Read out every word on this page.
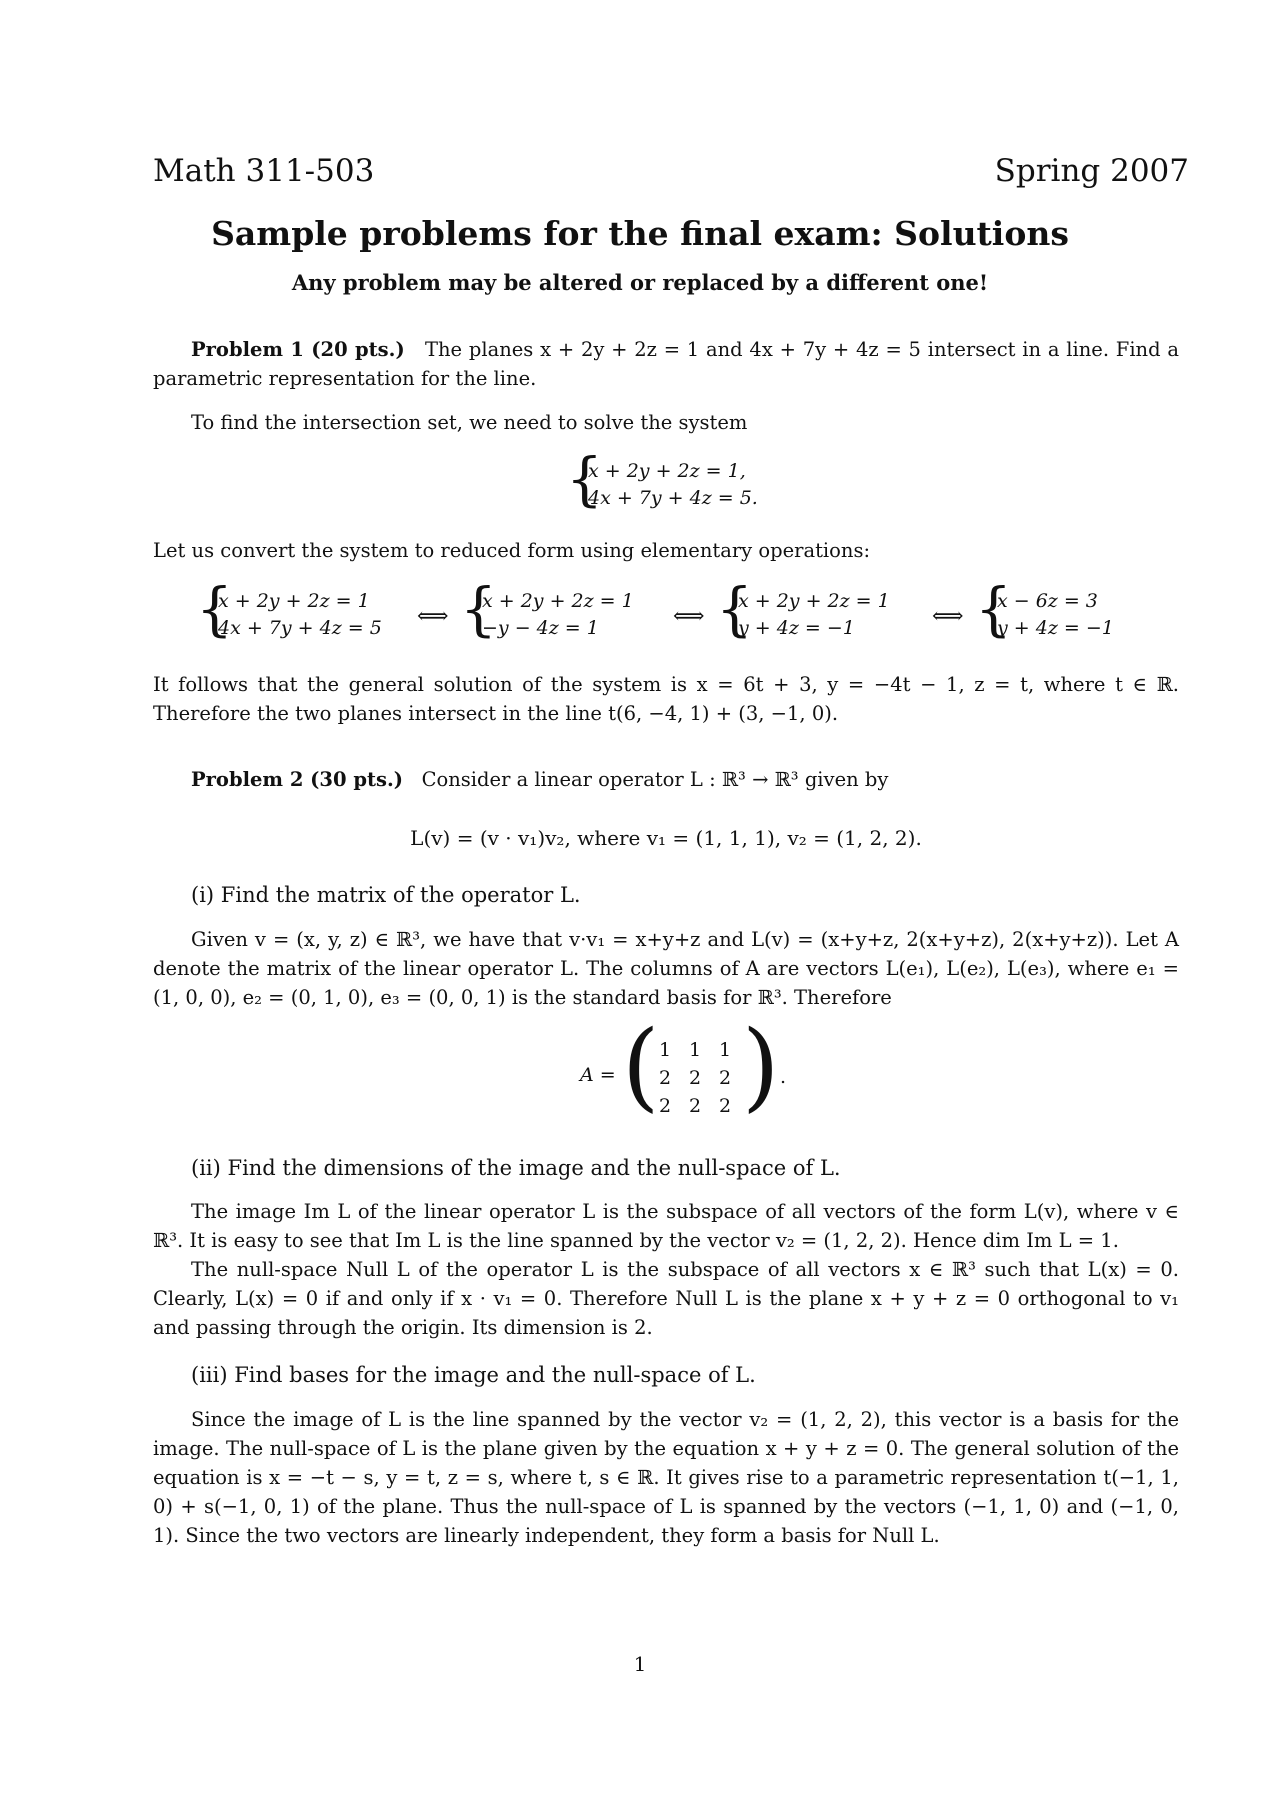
Math 311-503	Spring 2007
Sample problems for the final exam: Solutions
Any problem may be altered or replaced by a different one!
Problem 1 (20 pts.) The planes x + 2y + 2z = 1 and 4x + 7y + 4z = 5 intersect in a line. Find a parametric representation for the line.
To find the intersection set, we need to solve the system
{
x + 2y + 2z = 1,
4x + 7y + 4z = 5.
Let us convert the system to reduced form using elementary operations:
{
x + 2y + 2z = 1
4x + 7y + 4z = 5 ⟺ {
x + 2y + 2z = 1
−y − 4z = 1	⟺ {
x + 2y + 2z = 1
y + 4z = −1	⟺ {
x − 6z = 3
y + 4z = −1
It follows that the general solution of the system is x = 6t + 3, y = −4t − 1, z = t, where t ∈ ℝ. Therefore the two planes intersect in the line t(6, −4, 1) + (3, −1, 0).
Problem 2 (30 pts.) Consider a linear operator L : ℝ³ → ℝ³ given by
L(v) = (v · v₁)v₂, where v₁ = (1, 1, 1), v₂ = (1, 2, 2).
(i) Find the matrix of the operator L.
Given v = (x, y, z) ∈ ℝ³, we have that v·v₁ = x+y+z and L(v) = (x+y+z, 2(x+y+z), 2(x+y+z)). Let A denote the matrix of the linear operator L. The columns of A are vectors L(e₁), L(e₂), L(e₃), where e₁ = (1, 0, 0), e₂ = (0, 1, 0), e₃ = (0, 0, 1) is the standard basis for ℝ³. Therefore
A = ( 1 1 1
2 2 2
2 2 2 ) .
(ii) Find the dimensions of the image and the null-space of L.
The image Im L of the linear operator L is the subspace of all vectors of the form L(v), where v ∈ ℝ³. It is easy to see that Im L is the line spanned by the vector v₂ = (1, 2, 2). Hence dim Im L = 1.
The null-space Null L of the operator L is the subspace of all vectors x ∈ ℝ³ such that L(x) = 0. Clearly, L(x) = 0 if and only if x · v₁ = 0. Therefore Null L is the plane x + y + z = 0 orthogonal to v₁ and passing through the origin. Its dimension is 2.
(iii) Find bases for the image and the null-space of L.
Since the image of L is the line spanned by the vector v₂ = (1, 2, 2), this vector is a basis for the image. The null-space of L is the plane given by the equation x + y + z = 0. The general solution of the equation is x = −t − s, y = t, z = s, where t, s ∈ ℝ. It gives rise to a parametric representation t(−1, 1, 0) + s(−1, 0, 1) of the plane. Thus the null-space of L is spanned by the vectors (−1, 1, 0) and (−1, 0, 1). Since the two vectors are linearly independent, they form a basis for Null L.
1
